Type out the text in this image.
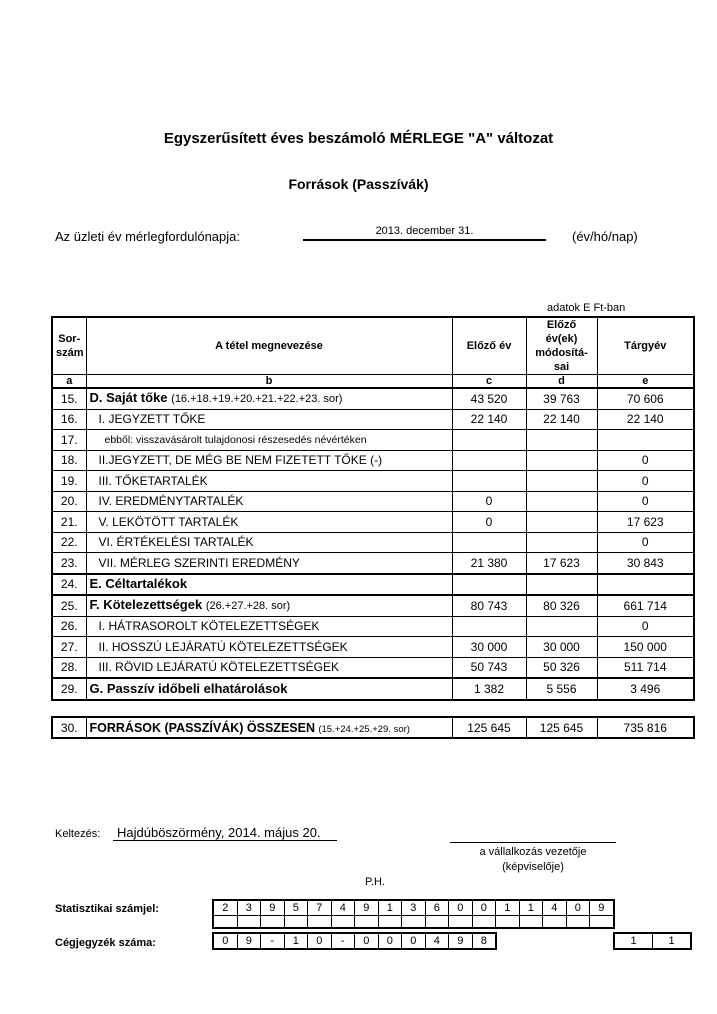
Egyszerűsített éves beszámoló MÉRLEGE "A" változat
Források (Passzívák)
Az üzleti év mérlegfordulónapja:	2013. december 31.	(év/hó/nap)
adatok E Ft-ban
Sor-szám	A tétel megnevezése	Előző év	Előző év(ek) módosítá-sai	Tárgyév
a	b	c	d	e
15.	D. Saját tőke (16.+18.+19.+20.+21.+22.+23. sor)	43 520	39 763	70 606
16.	I. JEGYZETT TŐKE	22 140	22 140	22 140
17.	ebből: visszavásárolt tulajdonosi részesedés névértéken			
18.	II.JEGYZETT, DE MÉG BE NEM FIZETETT TŐKE (-)			0
19.	III. TŐKETARTALÉK			0
20.	IV. EREDMÉNYTARTALÉK	0		0
21.	V. LEKÖTÖTT TARTALÉK	0		17 623
22.	VI. ÉRTÉKELÉSI TARTALÉK			0
23.	VII. MÉRLEG SZERINTI EREDMÉNY	21 380	17 623	30 843
24.	E. Céltartalékok			
25.	F. Kötelezettségek (26.+27.+28. sor)	80 743	80 326	661 714
26.	I. HÁTRASOROLT KÖTELEZETTSÉGEK			0
27.	II. HOSSZÚ LEJÁRATÚ KÖTELEZETTSÉGEK	30 000	30 000	150 000
28.	III. RÖVID LEJÁRATÚ KÖTELEZETTSÉGEK	50 743	50 326	511 714
29.	G. Passzív időbeli elhatárolások	1 382	5 556	3 496
30.	FORRÁSOK (PASSZÍVÁK) ÖSSZESEN (15.+24.+25.+29. sor)	125 645	125 645	735 816
Keltezés:	Hajdúböszörmény, 2014. május 20.
a vállalkozás vezetője
(képviselője)
P.H.
Statisztikai számjel:	2	3	9	5	7	4	9	1	3	6	0	0	1	1	4	0	9

Cégjegyzék száma:	0	9	-	1	0	-	0	0	0	4	9	8	1	1
